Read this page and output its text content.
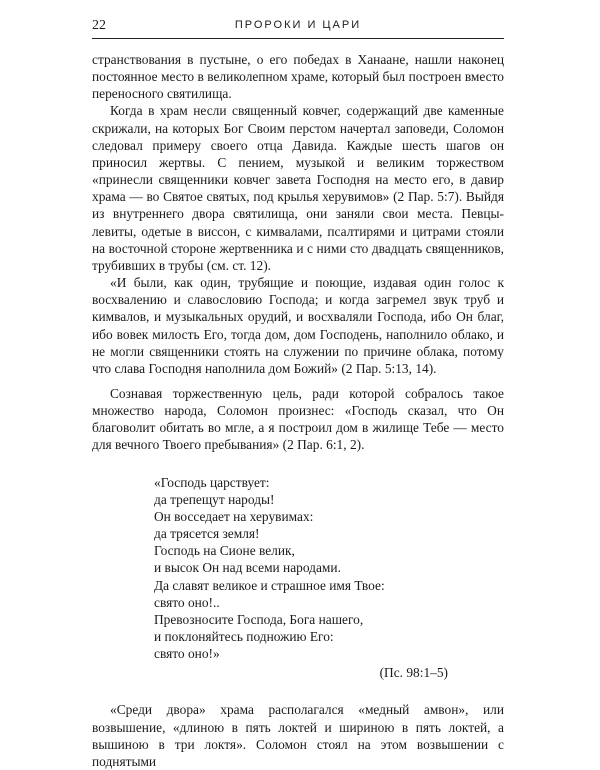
22	ПРОРОКИ И ЦАРИ

странствования в пустыне, о его победах в Ханаане, нашли наконец постоянное место в великолепном храме, который был построен вместо переносного святилища.

Когда в храм несли священный ковчег, содержащий две каменные скрижали, на которых Бог Своим перстом начертал заповеди, Соломон следовал примеру своего отца Давида. Каждые шесть шагов он приносил жертвы. С пением, музыкой и великим торжеством «принесли священники ковчег завета Господня на место его, в давир храма — во Святое святых, под крылья херувимов» (2 Пар. 5:7). Выйдя из внутреннего двора святилища, они заняли свои места. Певцы-левиты, одетые в виссон, с кимвалами, псалтирями и цитрами стояли на восточной стороне жертвенника и с ними сто двадцать священников, трубивших в трубы (см. ст. 12).

«И были, как один, трубящие и поющие, издавая один голос к восхвалению и славословию Господа; и когда загремел звук труб и кимвалов, и музыкальных орудий, и восхваляли Господа, ибо Он благ, ибо вовек милость Его, тогда дом, дом Господень, наполнило облако, и не могли священники стоять на служении по причине облака, потому что слава Господня наполнила дом Божий» (2 Пар. 5:13, 14).

Сознавая торжественную цель, ради которой собралось такое множество народа, Соломон произнес: «Господь сказал, что Он благоволит обитать во мгле, а я построил дом в жилище Тебе — место для вечного Твоего пребывания» (2 Пар. 6:1, 2).

«Господь царствует:
да трепещут народы!
Он восседает на херувимах:
да трясется земля!
Господь на Сионе велик,
и высок Он над всеми народами.
Да славят великое и страшное имя Твое:
свято оно!..
Превозносите Господа, Бога нашего,
и поклоняйтесь подножию Его:
свято оно!»
(Пс. 98:1–5)

«Среди двора» храма располагался «медный амвон», или возвышение, «длиною в пять локтей и шириною в пять локтей, а вышиною в три локтя». Соломон стоял на этом возвышении с поднятыми
